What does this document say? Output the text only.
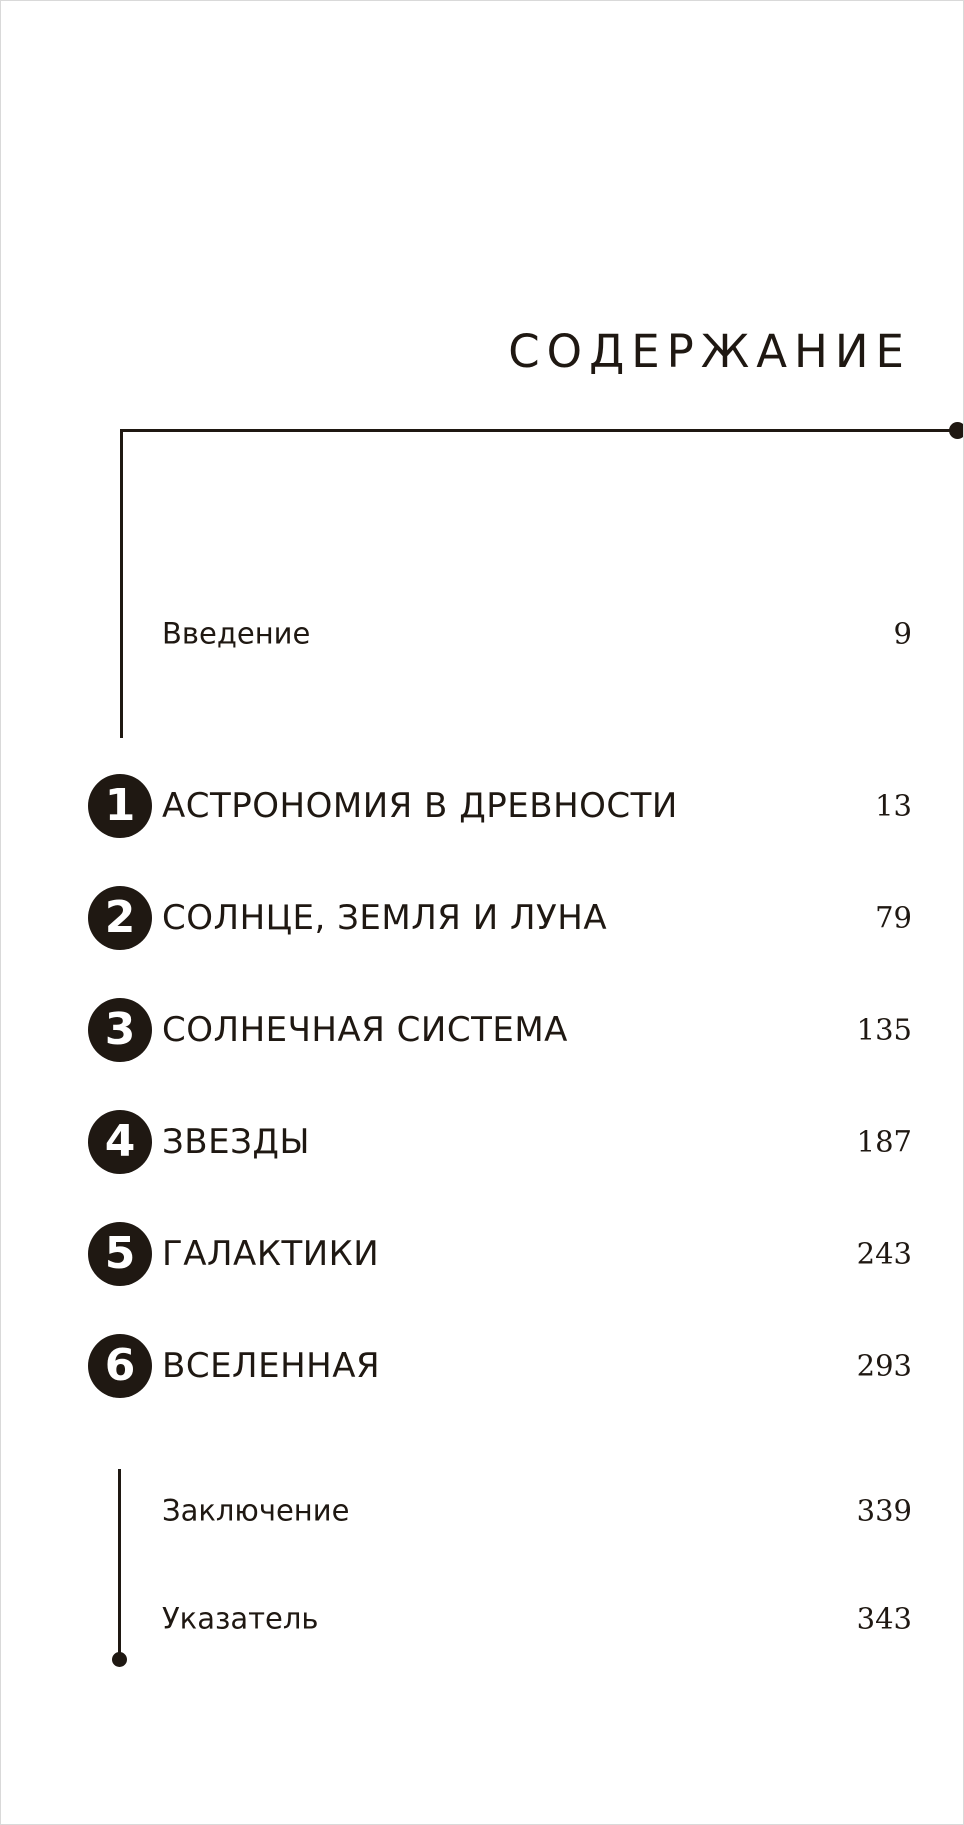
СОДЕРЖАНИЕ
Введение	9
1 АСТРОНОМИЯ В ДРЕВНОСТИ	13
2 СОЛНЦЕ, ЗЕМЛЯ И ЛУНА	79
3 СОЛНЕЧНАЯ СИСТЕМА	135
4 ЗВЕЗДЫ	187
5 ГАЛАКТИКИ	243
6 ВСЕЛЕННАЯ	293
Заключение	339
Указатель	343
